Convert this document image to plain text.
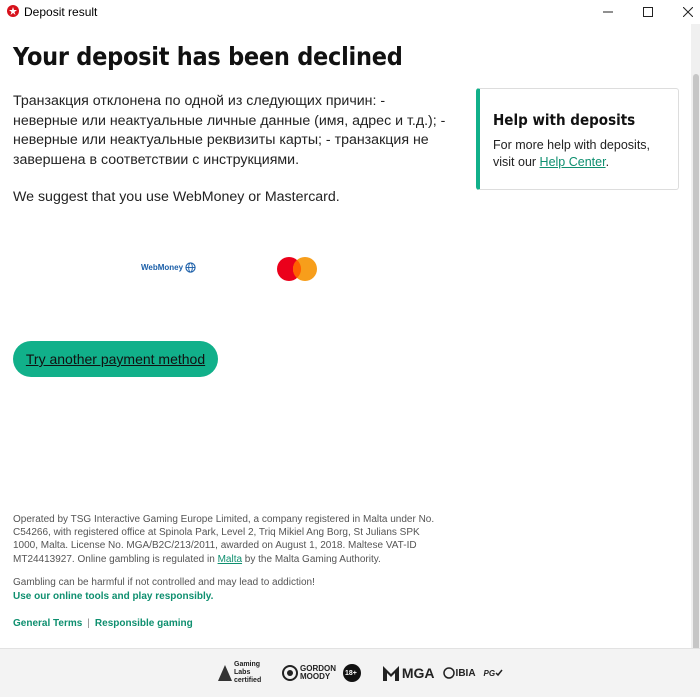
Deposit result
Your deposit has been declined

Транзакция отклонена по одной из следующих причин: - неверные или неактуальные личные данные (имя, адрес и т.д.); - неверные или неактуальные реквизиты карты; - транзакция не завершена в соответствии с инструкциями.

We suggest that you use WebMoney or Mastercard.

Help with deposits
For more help with deposits, visit our Help Center.
WebMoney
Try another payment method

Operated by TSG Interactive Gaming Europe Limited, a company registered in Malta under No. C54266, with registered office at Spinola Park, Level 2, Triq Mikiel Ang Borg, St Julians SPK 1000, Malta. License No. MGA/B2C/213/2011, awarded on August 1, 2018. Maltese VAT-ID MT24413927. Online gambling is regulated in Malta by the Malta Gaming Authority.

Gambling can be harmful if not controlled and may lead to addiction!

Use our online tools and play responsibly.

General Terms | Responsible gaming
Gaming Labs certified
GORDON MOODY	18+	MGA IBIA PG
